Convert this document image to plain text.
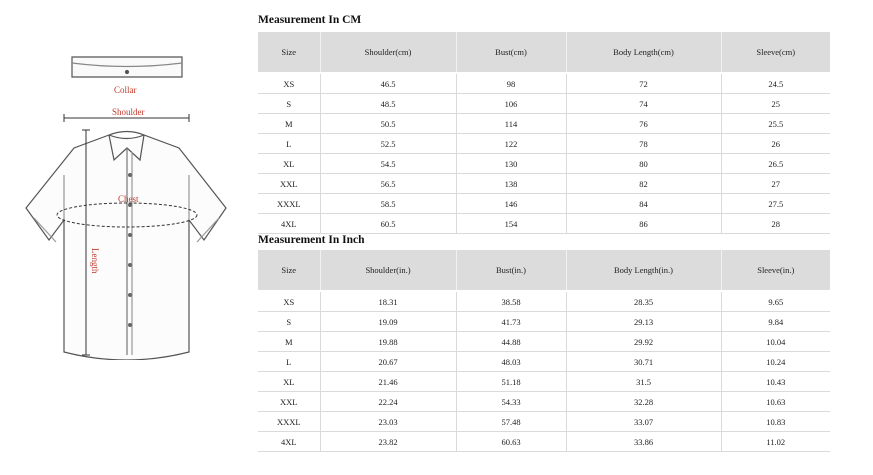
Collar
Shoulder
Chest
Length
Measurement In CM
Size	Shoulder(cm)	Bust(cm)	Body Length(cm)	Sleeve(cm)

XS	46.5	98	72	24.5
S	48.5	106	74	25
M	50.5	114	76	25.5
L	52.5	122	78	26
XL	54.5	130	80	26.5
XXL	56.5	138	82	27
XXXL	58.5	146	84	27.5
4XL	60.5	154	86	28
Measurement In Inch
Size	Shoulder(in.)	Bust(in.)	Body Length(in.)	Sleeve(in.)

XS	18.31	38.58	28.35	9.65
S	19.09	41.73	29.13	9.84
M	19.88	44.88	29.92	10.04
L	20.67	48.03	30.71	10.24
XL	21.46	51.18	31.5	10.43
XXL	22.24	54.33	32.28	10.63
XXXL	23.03	57.48	33.07	10.83
4XL	23.82	60.63	33.86	11.02
